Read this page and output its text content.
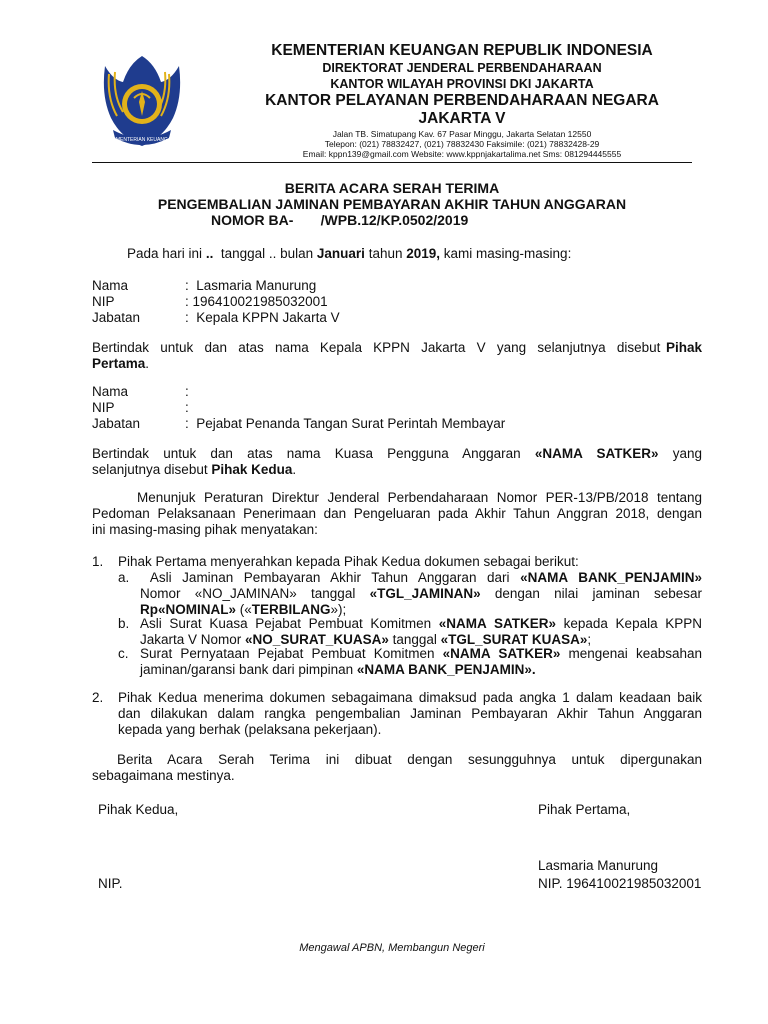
KEMENTERIAN KEUANGAN
KEMENTERIAN KEUANGAN REPUBLIK INDONESIA
DIREKTORAT JENDERAL PERBENDAHARAAN
KANTOR WILAYAH PROVINSI DKI JAKARTA
KANTOR PELAYANAN PERBENDAHARAAN NEGARA
JAKARTA V
Jalan TB. Simatupang Kav. 67 Pasar Minggu, Jakarta Selatan 12550
Telepon: (021) 78832427, (021) 78832430 Faksimile: (021) 78832428-29
Email: kppn139@gmail.com Website: www.kppnjakartalima.net Sms: 081294445555
BERITA ACARA SERAH TERIMA
PENGEMBALIAN JAMINAN PEMBAYARAN AKHIR TAHUN ANGGARAN
NOMOR BA-       /WPB.12/KP.0502/2019
Pada hari ini ..  tanggal .. bulan Januari tahun 2019, kami masing-masing:
Nama	:  Lasmaria Manurung
NIP	: 196410021985032001
Jabatan	:  Kepala KPPN Jakarta V
Bertindak  untuk  dan  atas  nama  Kepala  KPPN  Jakarta  V  yang  selanjutnya  disebut Pihak
Pertama.
Nama	:
NIP	:
Jabatan	:  Pejabat Penanda Tangan Surat Perintah Membayar
Bertindak  untuk  dan  atas  nama  Kuasa  Pengguna  Anggaran  «NAMA  SATKER»  yang
selanjutnya disebut Pihak Kedua.
Menunjuk Peraturan Direktur Jenderal Perbendaharaan Nomor PER-13/PB/2018 tentang
Pedoman Pelaksanaan Penerimaan dan Pengeluaran pada Akhir Tahun Anggran 2018, dengan
ini masing-masing pihak menyatakan:
1. Pihak Pertama menyerahkan kepada Pihak Kedua dokumen sebagai berikut:
a. Asli Jaminan Pembayaran Akhir Tahun Anggaran dari «NAMA BANK_PENJAMIN»
Nomor  «NO_JAMINAN»  tanggal  «TGL_JAMINAN»  dengan  nilai  jaminan  sebesar
Rp«NOMINAL» («TERBILANG»);
b. Asli Surat Kuasa Pejabat Pembuat Komitmen «NAMA SATKER» kepada Kepala KPPN
Jakarta V Nomor «NO_SURAT_KUASA» tanggal «TGL_SURAT KUASA»;
c. Surat Pernyataan Pejabat Pembuat Komitmen «NAMA SATKER» mengenai keabsahan
jaminan/garansi bank dari pimpinan «NAMA BANK_PENJAMIN».
2. Pihak Kedua menerima dokumen sebagaimana dimaksud pada angka 1 dalam keadaan baik
dan dilakukan dalam rangka pengembalian Jaminan Pembayaran Akhir Tahun Anggaran
kepada yang berhak (pelaksana pekerjaan).
Berita  Acara  Serah  Terima  ini  dibuat  dengan  sesungguhnya  untuk  dipergunakan
sebagaimana mestinya.
Pihak Kedua,
NIP.
Pihak Pertama,
Lasmaria Manurung
NIP. 196410021985032001
Mengawal APBN, Membangun Negeri
